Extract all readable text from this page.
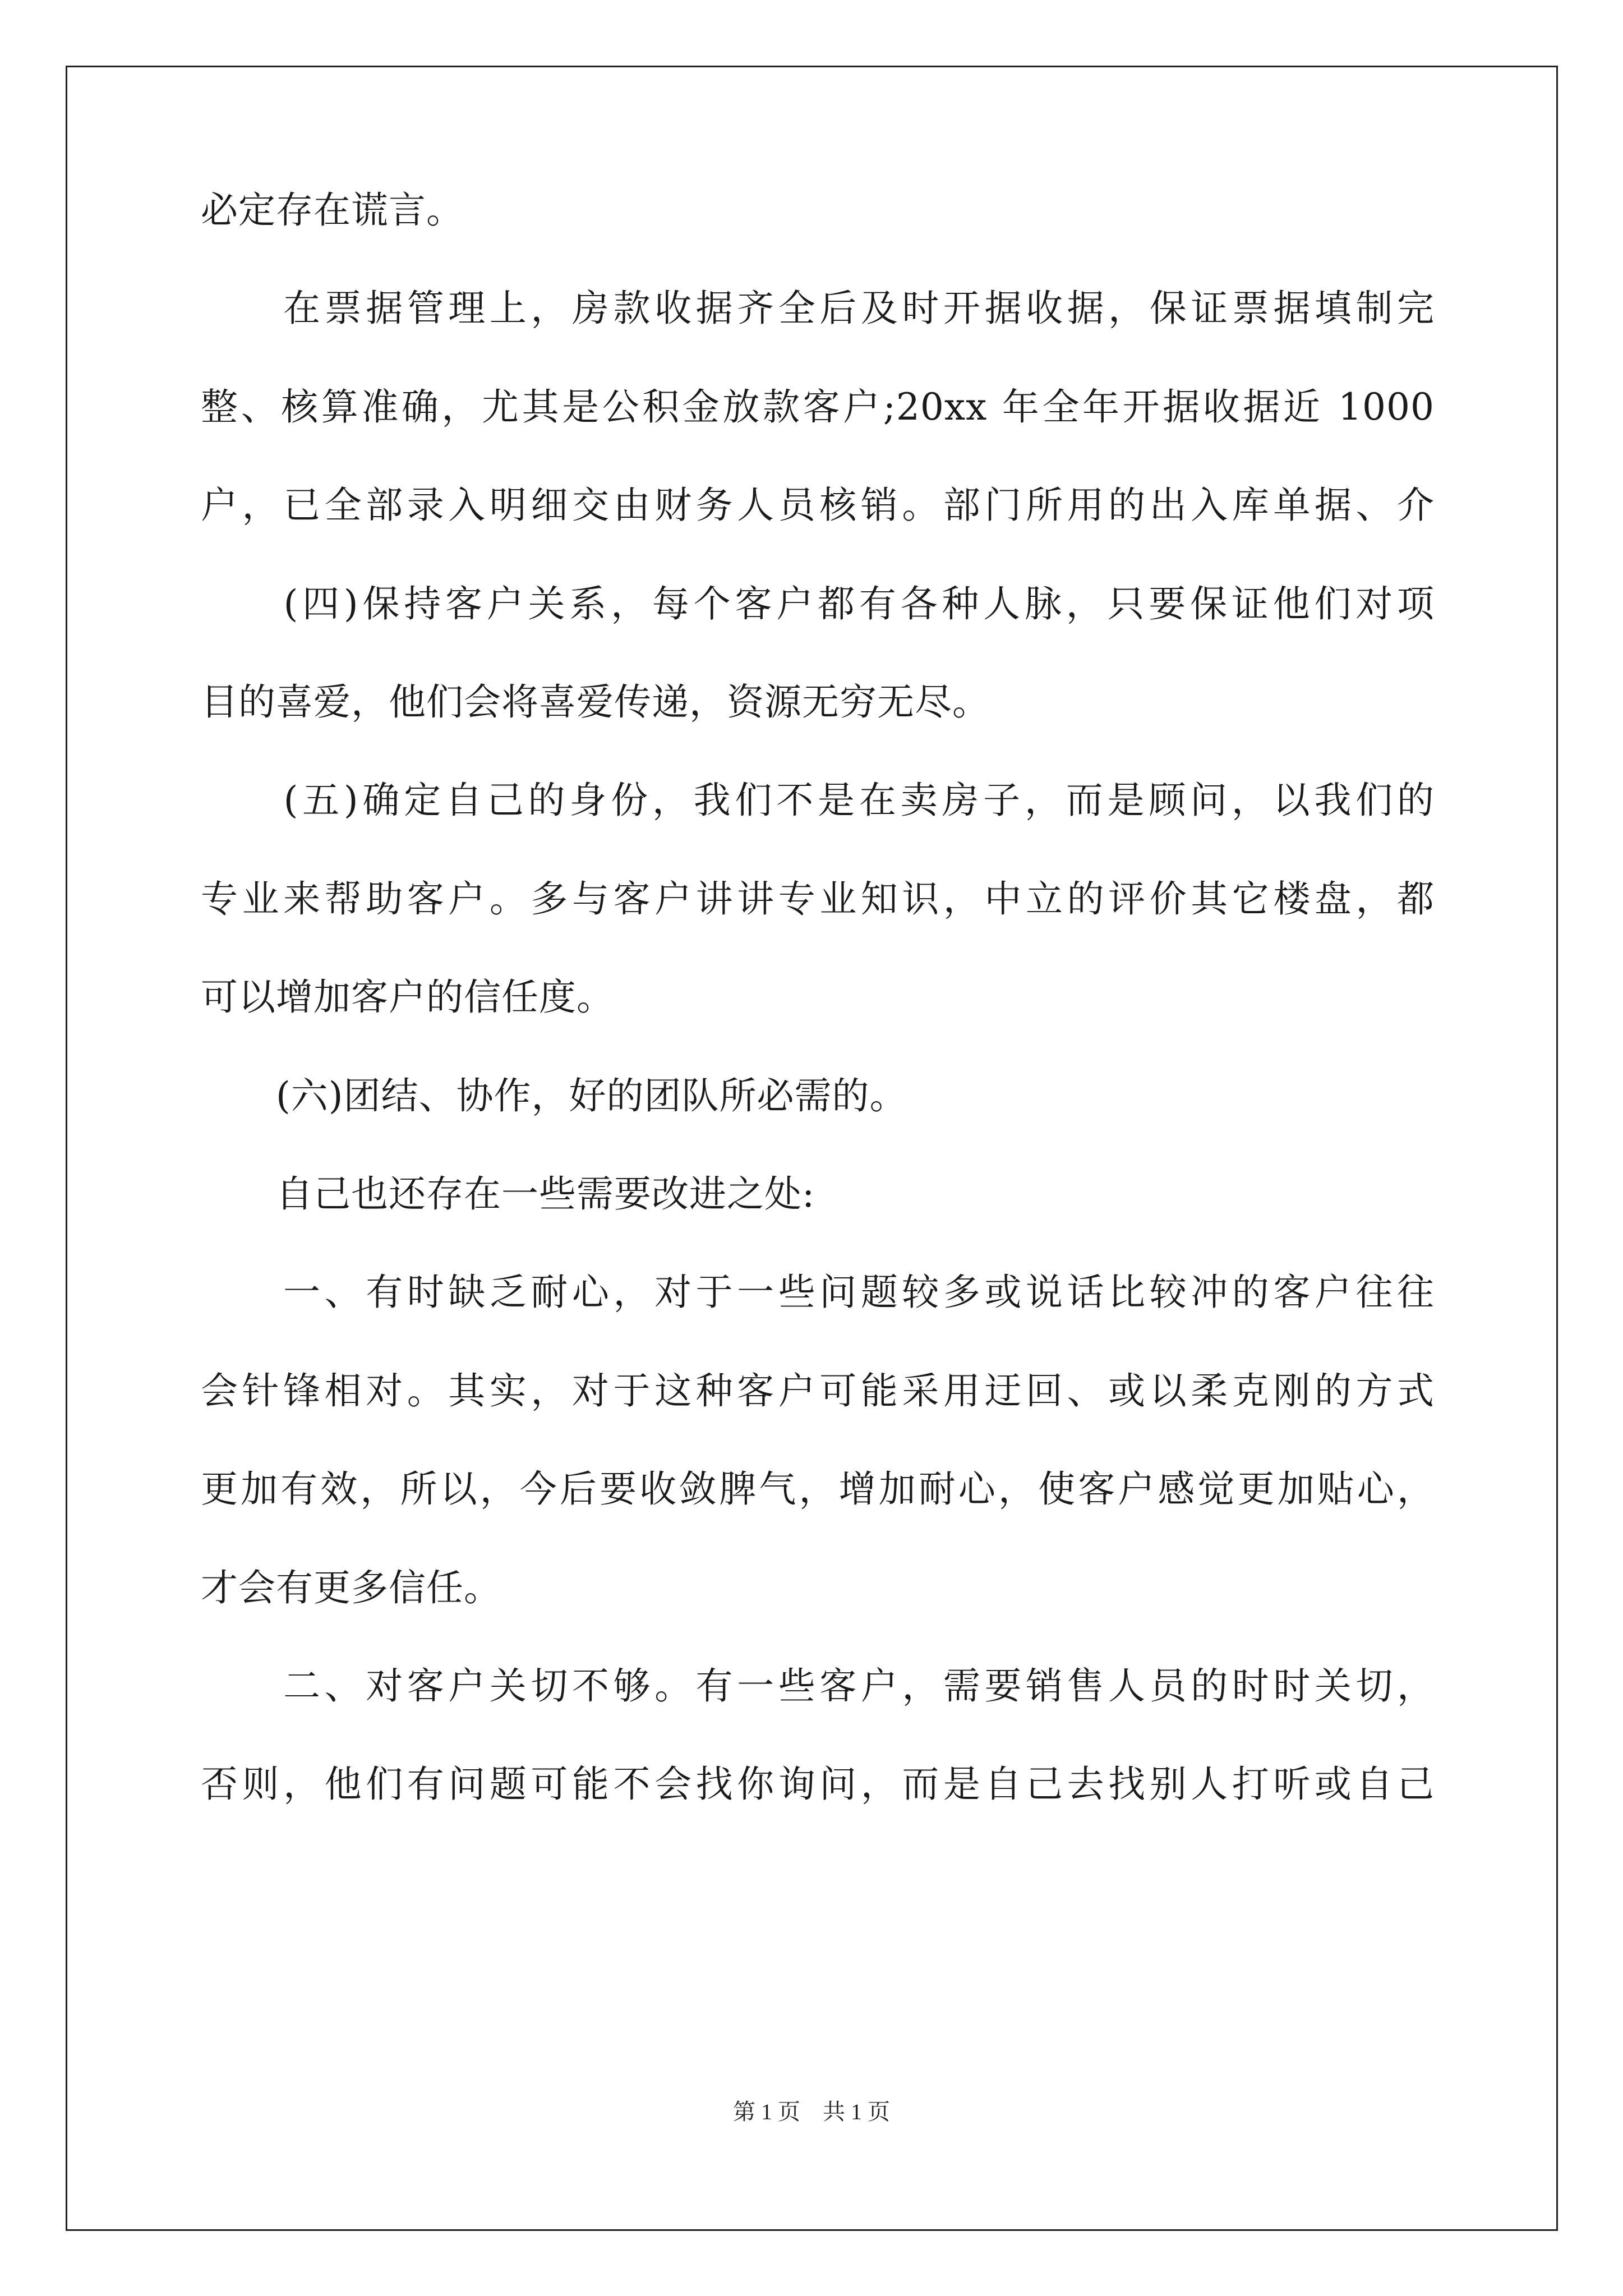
必定存在谎言。
　　在票据管理上，房款收据齐全后及时开据收据，保证票据填制完
整、核算准确，尤其是公积金放款客户;20xx 年全年开据收据近 1000
户，已全部录入明细交由财务人员核销。部门所用的出入库单据、介
　　(四)保持客户关系，每个客户都有各种人脉，只要保证他们对项
目的喜爱，他们会将喜爱传递，资源无穷无尽。
　　(五)确定自己的身份，我们不是在卖房子，而是顾问，以我们的
专业来帮助客户。多与客户讲讲专业知识，中立的评价其它楼盘，都
可以增加客户的信任度。
　　(六)团结、协作，好的团队所必需的。
　　自己也还存在一些需要改进之处:
　　一、有时缺乏耐心，对于一些问题较多或说话比较冲的客户往往
会针锋相对。其实，对于这种客户可能采用迂回、或以柔克刚的方式
更加有效，所以，今后要收敛脾气，增加耐心，使客户感觉更加贴心，
才会有更多信任。
　　二、对客户关切不够。有一些客户，需要销售人员的时时关切，
否则，他们有问题可能不会找你询问，而是自己去找别人打听或自己
第 1 页　共 1 页
